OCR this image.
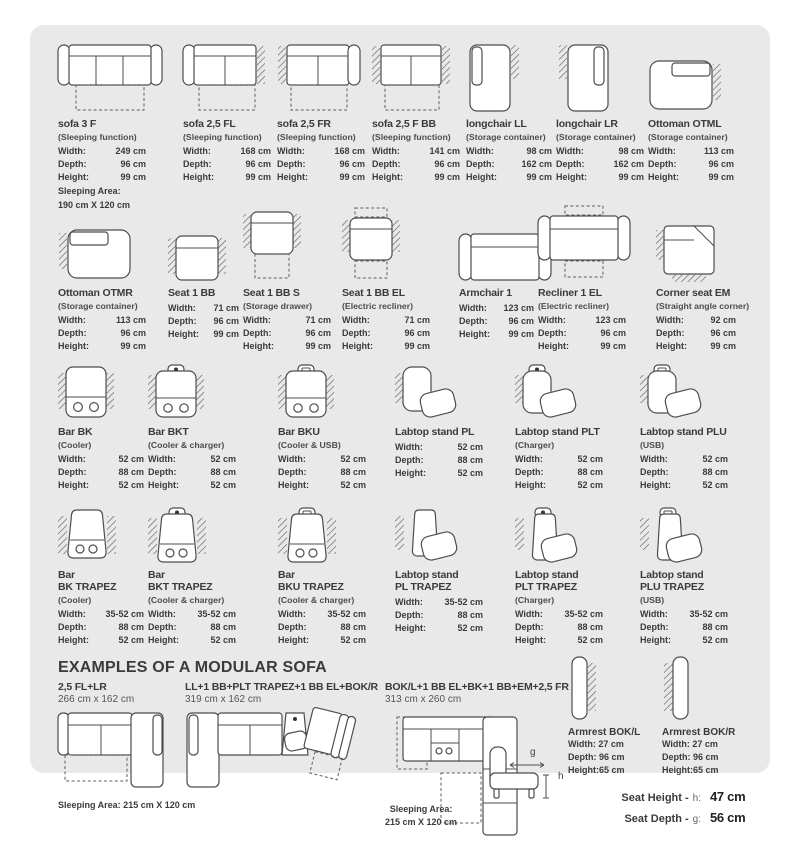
sofa 3 F
(Sleeping function)
Width:	249 cm
Depth:	96 cm
Height:	99 cm
Sleeping Area:
190 cm X 120 cm
sofa 2,5 FL
(Sleeping function)
Width:	168 cm
Depth:	96 cm
Height:	99 cm
sofa 2,5 FR
(Sleeping function)
Width:	168 cm
Depth:	96 cm
Height:	99 cm
sofa 2,5 F BB
(Sleeping function)
Width:	141 cm
Depth:	96 cm
Height:	99 cm
longchair LL
(Storage container)
Width:	98 cm
Depth:	162 cm
Height:	99 cm
longchair LR
(Storage container)
Width:	98 cm
Depth:	162 cm
Height:	99 cm
Ottoman OTML
(Storage container)
Width:	113 cm
Depth:	96 cm
Height:	99 cm
Ottoman OTMR
(Storage container)
Width:	113 cm
Depth:	96 cm
Height:	99 cm
Seat 1 BB
Width: 71 cm
Depth: 96 cm
Height: 99 cm
Seat 1 BB S
(Storage drawer)
Width:	71 cm
Depth:	96 cm
Height:	99 cm
Seat 1 BB EL
(Electric recliner)
Width:	71 cm
Depth:	96 cm
Height:	99 cm
Armchair 1
Width: 123 cm
Depth: 96 cm
Height: 99 cm
Recliner 1 EL
(Electric recliner)
Width:	123 cm
Depth:	96 cm
Height:	99 cm
Corner seat EM
(Straight angle corner)
Width:	92 cm
Depth:	96 cm
Height:	99 cm
Bar BK
(Cooler)
Width:	52 cm
Depth:	88 cm
Height:	52 cm
Bar BKT
(Cooler & charger)
Width:	52 cm
Depth:	88 cm
Height:	52 cm
Bar BKU
(Cooler & USB)
Width:	52 cm
Depth:	88 cm
Height:	52 cm
Labtop stand PL
Width:	52 cm
Depth:	88 cm
Height:	52 cm
Labtop stand PLT
(Charger)
Width:	52 cm
Depth:	88 cm
Height:	52 cm
Labtop stand PLU
(USB)
Width:	52 cm
Depth:	88 cm
Height:	52 cm
Bar
BK TRAPEZ
(Cooler)
Width: 35-52 cm
Depth:	88 cm
Height:	52 cm
Bar
BKT TRAPEZ
(Cooler & charger)
Width: 35-52 cm
Depth:	88 cm
Height:	52 cm
Bar
BKU TRAPEZ
(Cooler & charger)
Width: 35-52 cm
Depth:	88 cm
Height:	52 cm
Labtop stand
PL TRAPEZ
Width: 35-52 cm
Depth:	88 cm
Height:	52 cm
Labtop stand
PLT TRAPEZ
(Charger)
Width: 35-52 cm
Depth:	88 cm
Height:	52 cm
Labtop stand
PLU TRAPEZ
(USB)
Width: 35-52 cm
Depth:	88 cm
Height:	52 cm
EXAMPLES OF A MODULAR SOFA
2,5 FL+LR
266 cm x 162 cm
Sleeping Area: 215 cm X 120 cm
LL+1 BB+PLT TRAPEZ+1 BB EL+BOK/R
319 cm x 162 cm
BOK/L+1 BB EL+BK+1 BB+EM+2,5 FR
313 cm x 260 cm
Sleeping Area:
215 cm X 120 cm
Armrest BOK/L
Width: 27 cm
Depth: 96 cm
Height:65 cm
Armrest BOK/R
Width: 27 cm
Depth: 96 cm
Height:65 cm
g
h
Seat Height - h: 47 cm
Seat Depth - g: 56 cm
